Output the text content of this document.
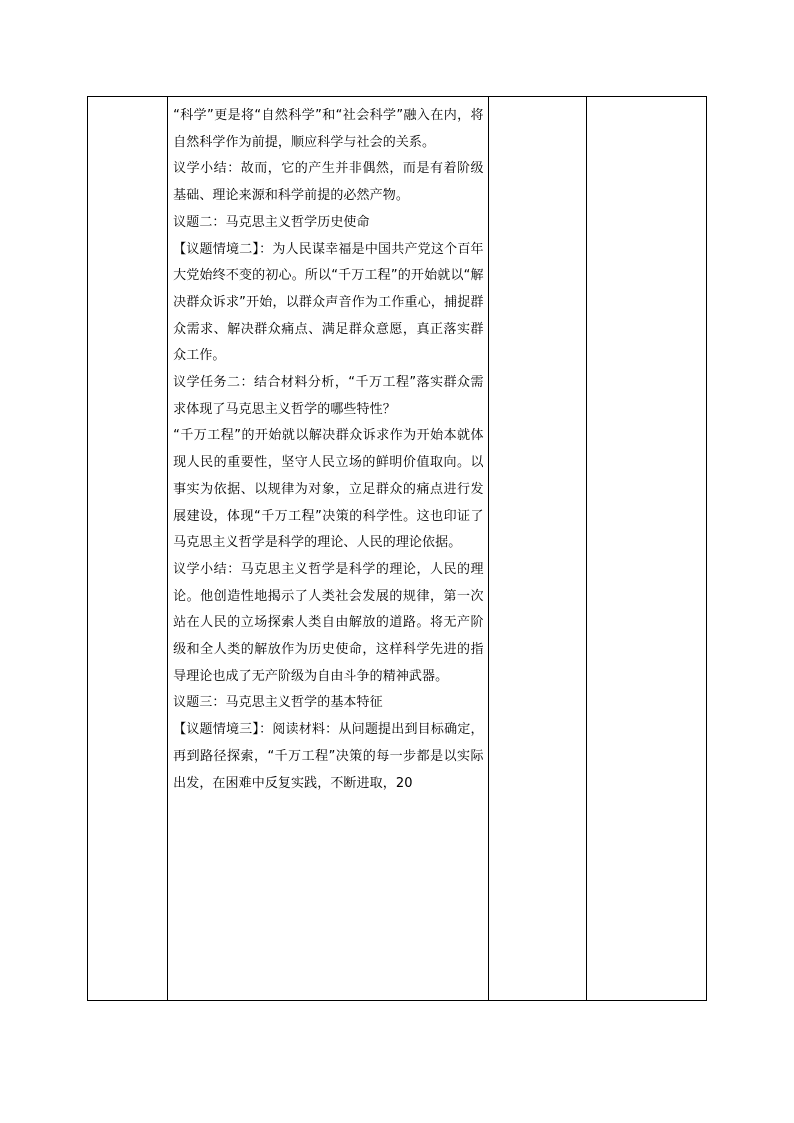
“科学”更是将“自然科学”和“社会科学”融入在内，将自然科学作为前提，顺应科学与社会的关系。

议学小结：故而，它的产生并非偶然，而是有着阶级基础、理论来源和科学前提的必然产物。

议题二：马克思主义哲学历史使命

【议题情境二】：为人民谋幸福是中国共产党这个百年大党始终不变的初心。所以“千万工程”的开始就以“解决群众诉求”开始，以群众声音作为工作重心，捕捉群众需求、解决群众痛点、满足群众意愿，真正落实群众工作。

议学任务二：结合材料分析，“千万工程”落实群众需求体现了马克思主义哲学的哪些特性？

“千万工程”的开始就以解决群众诉求作为开始本就体现人民的重要性，坚守人民立场的鲜明价值取向。以事实为依据、以规律为对象，立足群众的痛点进行发展建设，体现“千万工程”决策的科学性。这也印证了马克思主义哲学是科学的理论、人民的理论依据。

议学小结：马克思主义哲学是科学的理论，人民的理论。他创造性地揭示了人类社会发展的规律，第一次站在人民的立场探索人类自由解放的道路。将无产阶级和全人类的解放作为历史使命，这样科学先进的指导理论也成了无产阶级为自由斗争的精神武器。

议题三：马克思主义哲学的基本特征

【议题情境三】：阅读材料：从问题提出到目标确定，再到路径探索，“千万工程”决策的每一步都是以实际出发，在困难中反复实践，不断进取，20
